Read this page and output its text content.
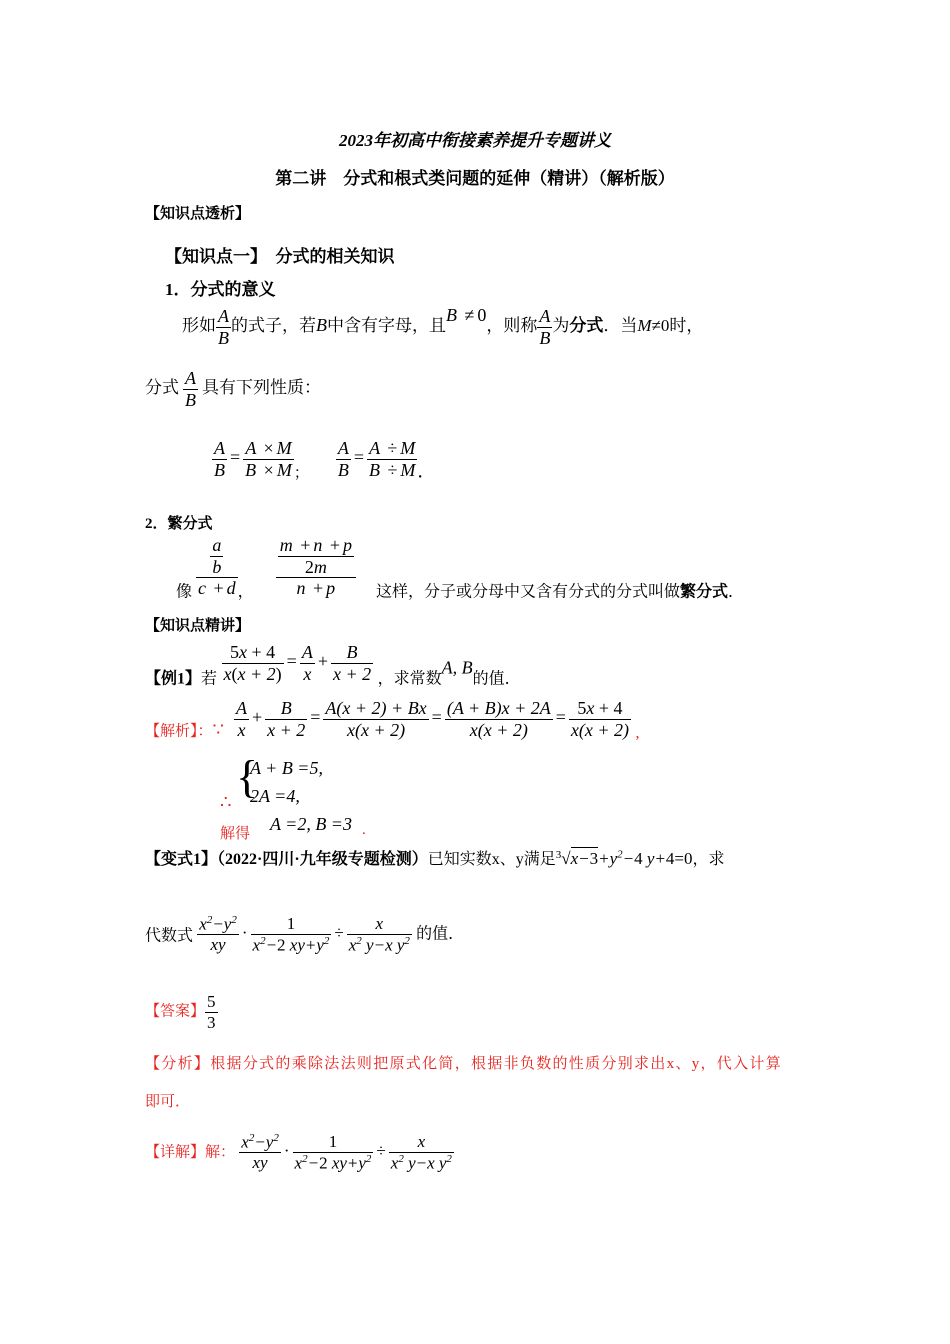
2023年初高中衔接素养提升专题讲义
第二讲　分式和根式类问题的延伸（精讲）（解析版）
【知识点透析】
【知识点一】　分式的相关知识
1．分式的意义
形如 $\frac{A}{B}$ 的式子，若B中含有字母，且B ≠ 0，则称 $\frac{A}{B}$ 为分式．当M≠0时，
分式 $\frac{A}{B}$ 具有下列性质：
$\frac{A}{B} = \frac{A \times M}{B \times M} _; \frac{A}{B} = \frac{A \div M}{B \div M}$ ．
2．繁分式
像 $\frac{\frac{a}{b}}{c + d}$ ， $\frac{\frac{m + n + p}{2m}}{n + p}$ 这样，分子或分母中又含有分式的分式叫做繁分式．
【知识点精讲】
【例1】若 $\frac{5x + 4}{x(x + 2)} = \frac{A}{x} + \frac{B}{x + 2}$ ，求常数A, B的值．
【解析】：∵ $\frac{A}{x} + \frac{B}{x + 2} = \frac{A(x + 2) + Bx}{x(x + 2)} = \frac{(A + B)x + 2A}{x(x + 2)} = \frac{5x + 4}{x(x + 2)}$ ,
{
A + B =5,
2A =4,
∴
解得 A =2, B =3 .
【变式1】（2022·四川·九年级专题检测）已知实数x、y满足$^3√x-3+y^2-4$ y+4=0，求
代数式 $\frac{x^2-y^2}{xy} \cdot \frac{1}{x^2-2 xy+y^2} \div \frac{x}{x^2 y-x y^2}$ 的值．
【答案】 $\frac{5}{3}$
【分析】根据分式的乘除法法则把原式化简，根据非负数的性质分别求出x、y，代入计算
即可．
【详解】解： $\frac{x^2-y^2}{xy} \cdot \frac{1}{x^2-2 xy+y^2} \div \frac{x}{x^2 y-x y^2}$
